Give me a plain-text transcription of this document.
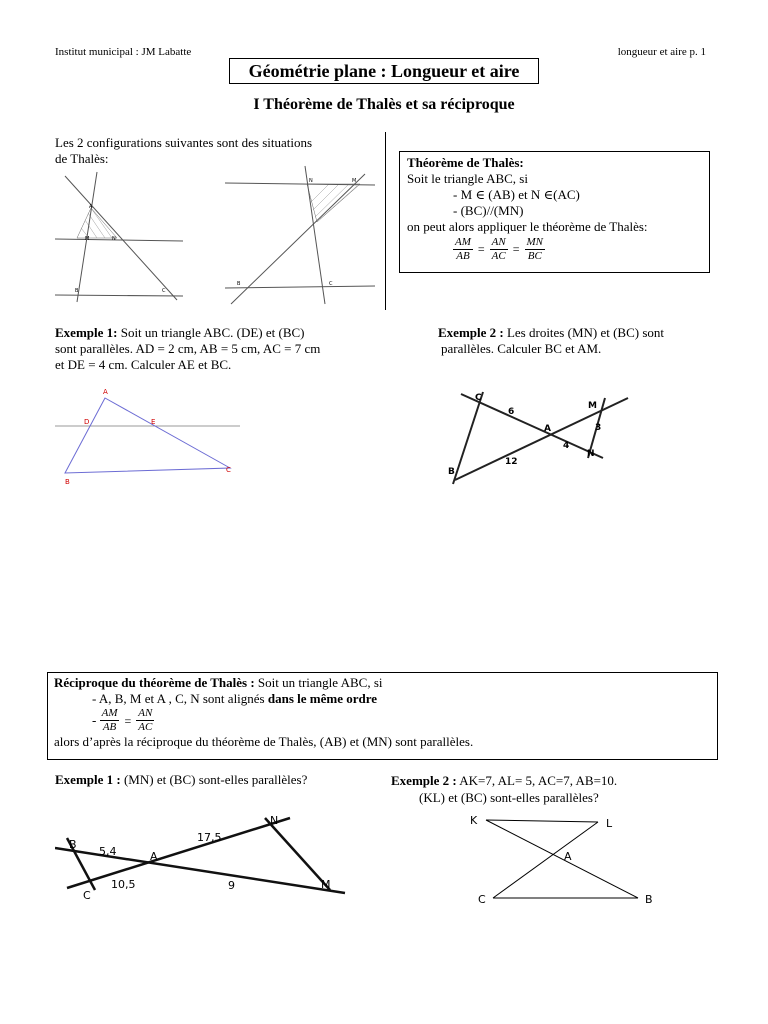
Institut municipal : JM Labatte	longueur et aire p. 1
Géométrie plane : Longueur et aire
I Théorème de Thalès et sa réciproque
Les 2 configurations suivantes sont des situations
de Thalès:
A
M	N
B	C
N	M
B	C
Théorème de Thalès:
Soit le triangle ABC, si
- M ∈ (AB) et N ∈(AC)
- (BC)//(MN)
on peut alors appliquer le théorème de Thalès:
$\frac{AM}{AB} = \frac{AN}{AC} = \frac{MN}{BC}$
Exemple 1: Soit un triangle ABC. (DE) et (BC)
sont parallèles. AD = 2 cm, AB = 5 cm, AC = 7 cm
et DE = 4 cm. Calculer AE et BC.
A
D	E
B
C
Exemple 2 : Les droites (MN) et (BC) sont
parallèles. Calculer BC et AM.
C
B
A
M
N
6
3
4
12
Réciproque du théorème de Thalès : Soit un triangle ABC, si
- A, B, M et A , C, N sont alignés dans le même ordre
- $\frac{AM}{AB} = \frac{AN}{AC}$
alors d’après la réciproque du théorème de Thalès, (AB) et (MN) sont parallèles.
Exemple 1 : (MN) et (BC) sont-elles parallèles?
B
C
A
N
M
5,4
17,5
10,5	9
Exemple 2 : AK=7, AL= 5, AC=7, AB=10.
(KL) et (BC) sont-elles parallèles?
K	L
A
C	B
